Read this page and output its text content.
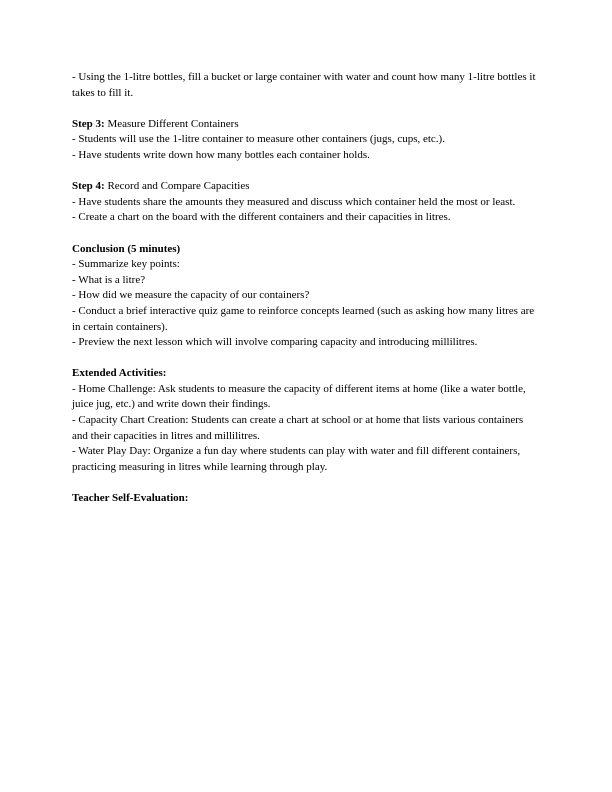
- Using the 1-litre bottles, fill a bucket or large container with water and count how many 1-litre bottles it takes to fill it.

Step 3: Measure Different Containers

- Students will use the 1-litre container to measure other containers (jugs, cups, etc.).

- Have students write down how many bottles each container holds.

Step 4: Record and Compare Capacities

- Have students share the amounts they measured and discuss which container held the most or least.

- Create a chart on the board with the different containers and their capacities in litres.

Conclusion (5 minutes)

- Summarize key points:

- What is a litre?

- How did we measure the capacity of our containers?

- Conduct a brief interactive quiz game to reinforce concepts learned (such as asking how many litres are in certain containers).

- Preview the next lesson which will involve comparing capacity and introducing millilitres.

Extended Activities:

- Home Challenge: Ask students to measure the capacity of different items at home (like a water bottle, juice jug, etc.) and write down their findings.

- Capacity Chart Creation: Students can create a chart at school or at home that lists various containers and their capacities in litres and millilitres.

- Water Play Day: Organize a fun day where students can play with water and fill different containers, practicing measuring in litres while learning through play.

Teacher Self-Evaluation:
